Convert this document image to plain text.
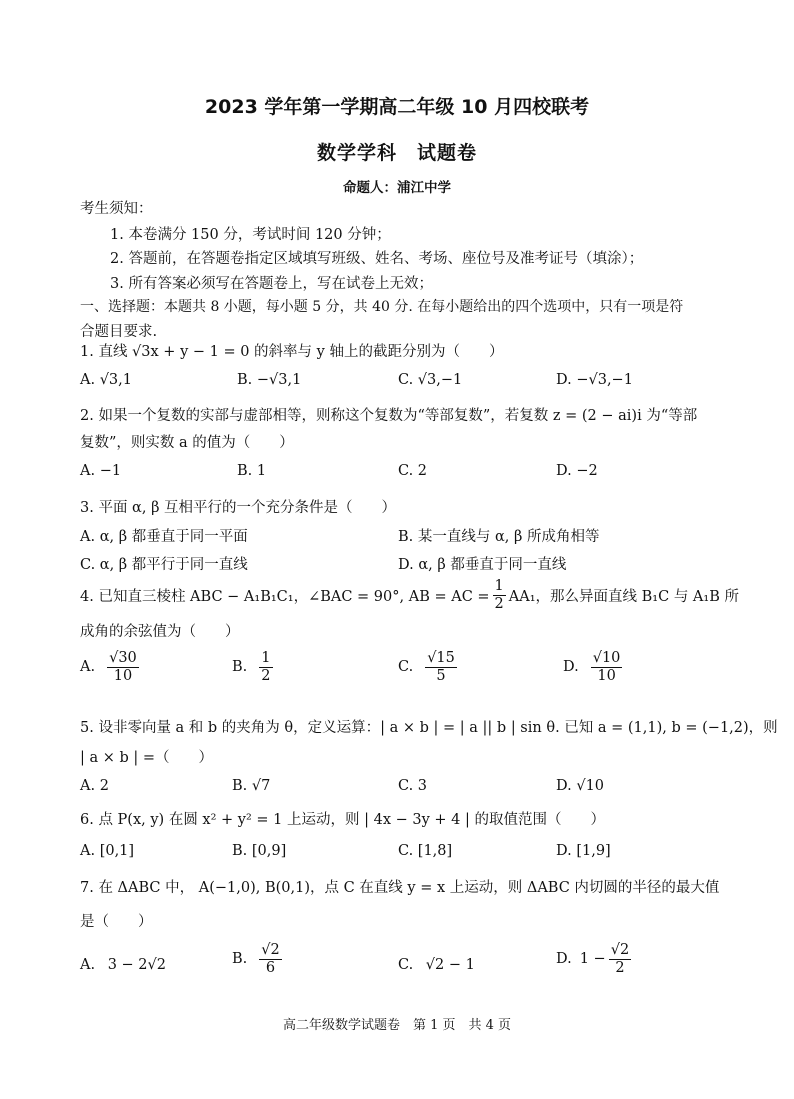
2023 学年第一学期高二年级 10 月四校联考
数学学科　试题卷
命题人：浦江中学
考生须知：
1. 本卷满分 150 分，考试时间 120 分钟；
2. 答题前，在答题卷指定区域填写班级、姓名、考场、座位号及准考证号（填涂）；
3. 所有答案必须写在答题卷上，写在试卷上无效；
一、选择题：本题共 8 小题，每小题 5 分，共 40 分. 在每小题给出的四个选项中，只有一项是符
合题目要求.
1. 直线 √3x + y − 1 = 0 的斜率与 y 轴上的截距分别为（　　）
A. √3,1	B. −√3,1	C. √3,−1	D. −√3,−1
2. 如果一个复数的实部与虚部相等，则称这个复数为“等部复数”，若复数 z = (2 − ai)i 为“等部
复数”，则实数 a 的值为（　　）
A. −1	B. 1	C. 2	D. −2
3. 平面 α, β 互相平行的一个充分条件是（　　）
A. α, β 都垂直于同一平面	B. 某一直线与 α, β 所成角相等
C. α, β 都平行于同一直线	D. α, β 都垂直于同一直线
4. 已知直三棱柱 ABC − A₁B₁C₁，∠BAC = 90°, AB = AC = $\frac{1}{2} AA_1$，那么异面直线 B₁C 与 A₁B 所
成角的余弦值为（　　）
A. $\frac{√30}{10}$	B. $\frac{1}{2}$	C. $\frac{√15}{5}$	D. $\frac{√10}{10}$
5. 设非零向量 a 和 b 的夹角为 θ，定义运算：| a × b | = | a || b | sin θ. 已知 a = (1,1), b = (−1,2)，则
| a × b | =（　　）
A. 2	B. √7	C. 3	D. √10
6. 点 P(x, y) 在圆 x² + y² = 1 上运动，则 | 4x − 3y + 4 | 的取值范围（　　）
A. [0,1]	B. [0,9]	C. [1,8]	D. [1,9]
7. 在 ΔABC 中， A(−1,0), B(0,1)，点 C 在直线 y = x 上运动，则 ΔABC 内切圆的半径的最大值
是（　　）
A. 3 − 2√2	B. $\frac{√2}{6}$	C. √2 − 1	D. $1 - \frac{√2}{2}$
高二年级数学试题卷　第 1 页　共 4 页
